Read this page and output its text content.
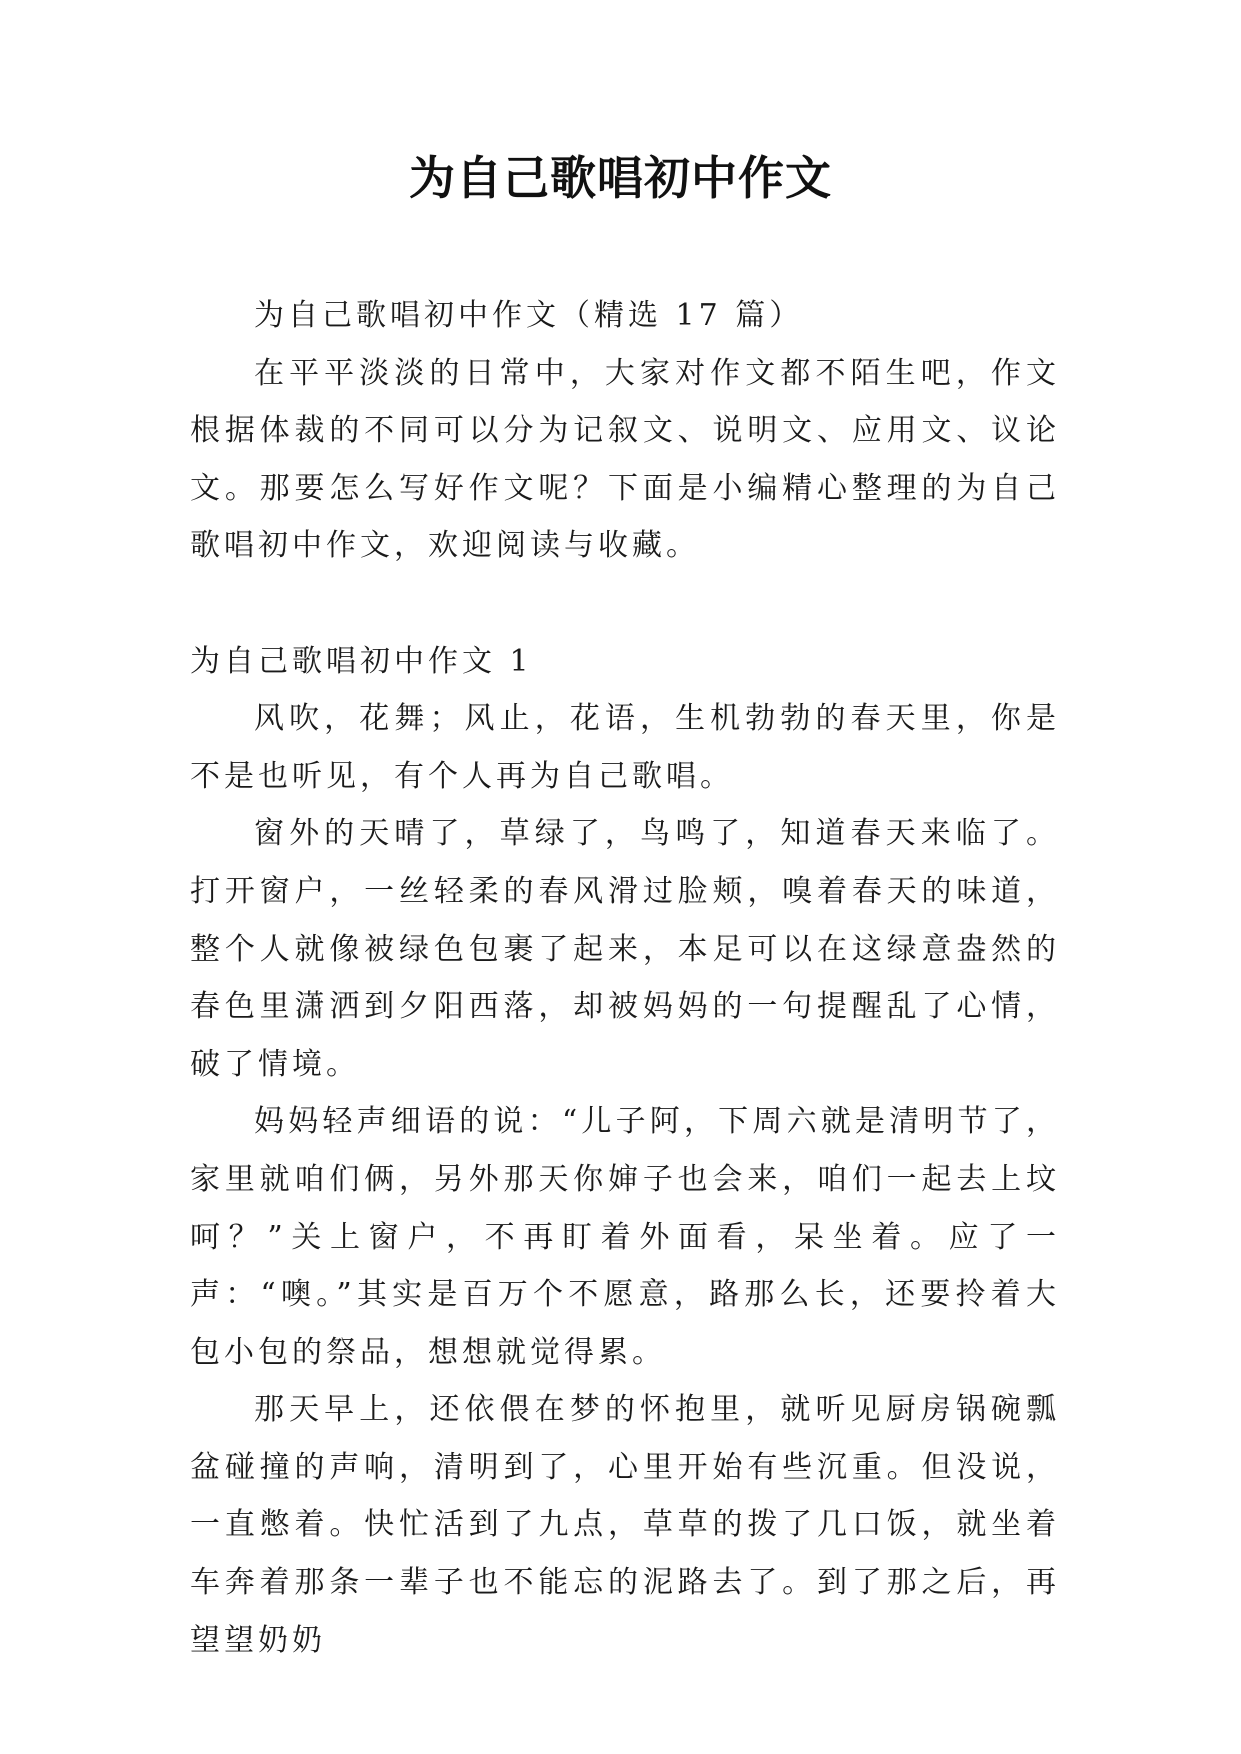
为自己歌唱初中作文

为自己歌唱初中作文（精选 17 篇）

在平平淡淡的日常中，大家对作文都不陌生吧，作文根据体裁的不同可以分为记叙文、说明文、应用文、议论文。那要怎么写好作文呢？下面是小编精心整理的为自己歌唱初中作文，欢迎阅读与收藏。

为自己歌唱初中作文 1

风吹，花舞；风止，花语，生机勃勃的春天里，你是不是也听见，有个人再为自己歌唱。

窗外的天晴了，草绿了，鸟鸣了，知道春天来临了。打开窗户，一丝轻柔的春风滑过脸颊，嗅着春天的味道，整个人就像被绿色包裹了起来，本足可以在这绿意盎然的春色里潇洒到夕阳西落，却被妈妈的一句提醒乱了心情，破了情境。

妈妈轻声细语的说：“儿子阿，下周六就是清明节了，家里就咱们俩，另外那天你婶子也会来，咱们一起去上坟呵？”关上窗户，不再盯着外面看，呆坐着。应了一声：“噢。”其实是百万个不愿意，路那么长，还要拎着大包小包的祭品，想想就觉得累。

那天早上，还依偎在梦的怀抱里，就听见厨房锅碗瓢盆碰撞的声响，清明到了，心里开始有些沉重。但没说，一直憋着。快忙活到了九点，草草的拨了几口饭，就坐着车奔着那条一辈子也不能忘的泥路去了。到了那之后，再望望奶奶
